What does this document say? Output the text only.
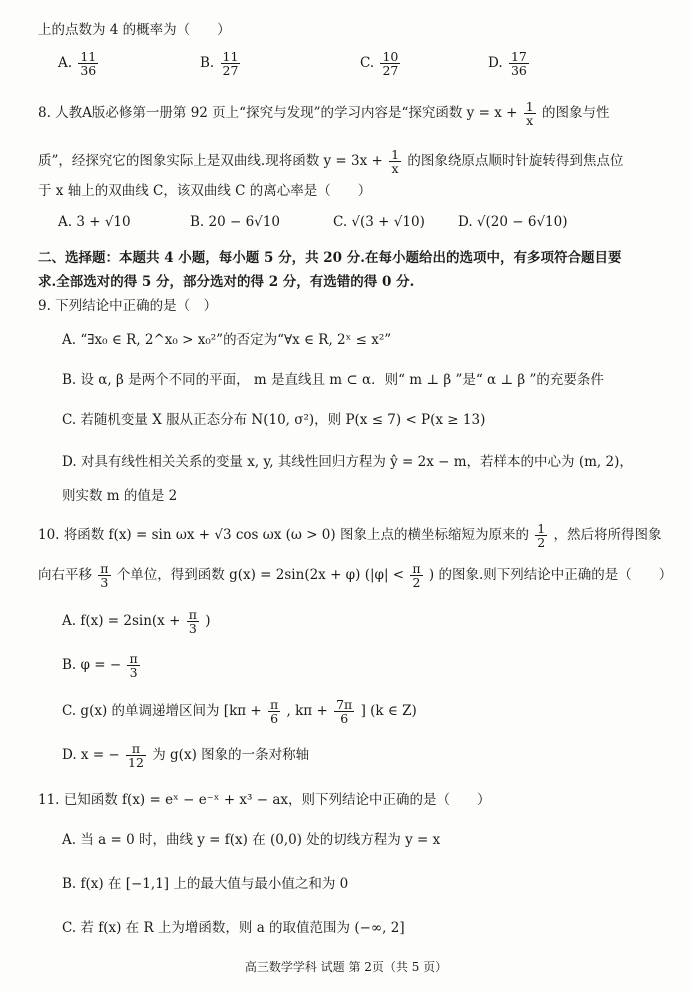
上的点数为 4 的概率为（　　）
A. $\frac{11}{36}$	B. $\frac{11}{27}$	C. $\frac{10}{27}$	D. $\frac{17}{36}$
8. 人教A版必修第一册第 92 页上“探究与发现”的学习内容是“探究函数 $y = x + \frac{1}{x}$ 的图象与性
质”，经探究它的图象实际上是双曲线.现将函数 $y = 3x + \frac{1}{x}$ 的图象绕原点顺时针旋转得到焦点位
于 x 轴上的双曲线 C，该双曲线 C 的离心率是（　　）
A. 3 + √10	B. 20 − 6√10	C. √(3 + √10) D. √(20 − 6√10)
二、选择题：本题共 4 小题，每小题 5 分，共 20 分.在每小题给出的选项中，有多项符合题目要
求.全部选对的得 5 分，部分选对的得 2 分，有选错的得 0 分.
9. 下列结论中正确的是（　）
A. “∃x₀ ∈ R, 2^x₀ > x₀²”的否定为“∀x ∈ R, 2ˣ ≤ x²”
B. 设 α, β 是两个不同的平面， m 是直线且 m ⊂ α．则“ m ⊥ β ”是“ α ⊥ β ”的充要条件
C. 若随机变量 X 服从正态分布 N(10, σ²)，则 P(x ≤ 7) < P(x ≥ 13)
D. 对具有线性相关关系的变量 x, y, 其线性回归方程为 ŷ = 2x − m，若样本的中心为 (m, 2)，
则实数 m 的值是 2
10. 将函数 f(x) = sin ωx + √3 cos ωx (ω > 0) 图象上点的横坐标缩短为原来的 $\frac{1}{2}$ ，然后将所得图象
向右平移 $\frac{\pi}{3}$ 个单位，得到函数 g(x) = 2sin(2x + φ) ($|\varphi| < \frac{\pi}{2}$ ) 的图象.则下列结论中正确的是（　　）
A. $f(x) = 2\sin(x + \frac{\pi}{3}$ )
B. φ = − $\frac{\pi}{3}$
C. g(x) 的单调递增区间为 [$k\pi + \frac{\pi}{6}$ , $k\pi + \frac{7\pi}{6}$ ] (k ∈ Z)
D. x = − $\frac{\pi}{12}$ 为 g(x) 图象的一条对称轴
11. 已知函数 f(x) = eˣ − e⁻ˣ + x³ − ax，则下列结论中正确的是（　　）
A. 当 a = 0 时，曲线 y = f(x) 在 (0,0) 处的切线方程为 y = x
B. f(x) 在 [−1,1] 上的最大值与最小值之和为 0
C. 若 f(x) 在 R 上为增函数，则 a 的取值范围为 (−∞, 2]
高三数学学科 试题 第 2页（共 5 页）
